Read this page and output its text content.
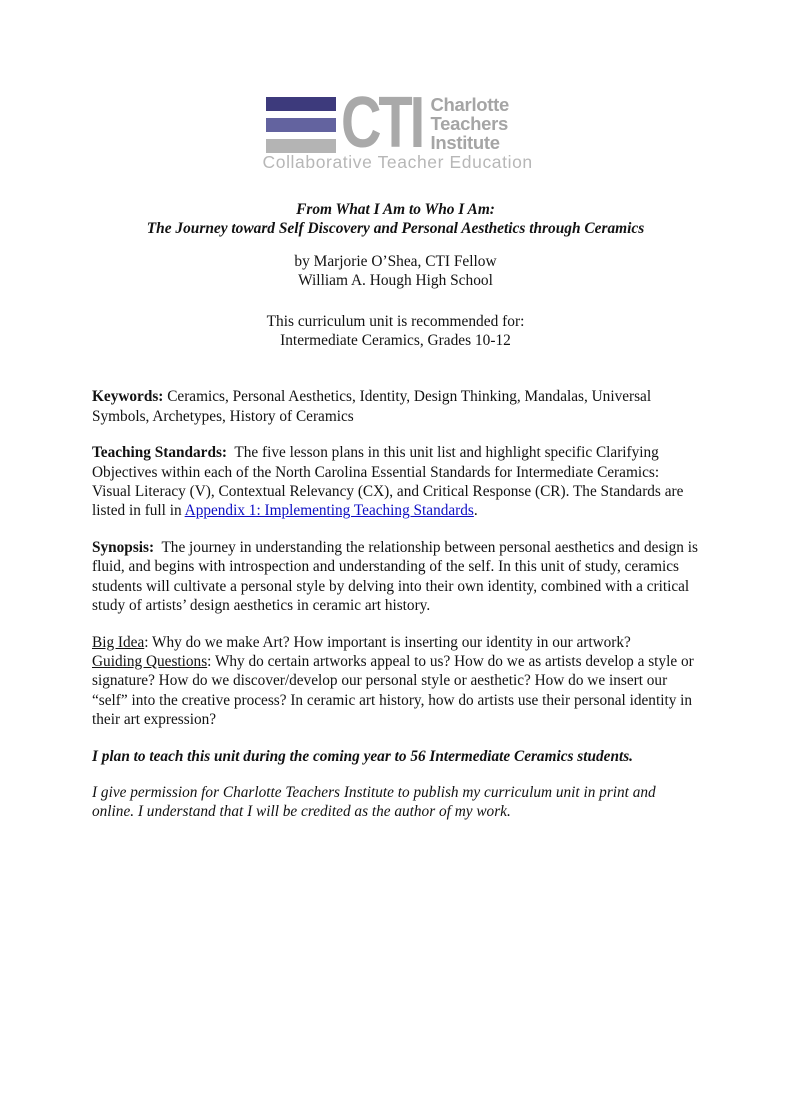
CTI Charlotte
Teachers
Institute
Collaborative Teacher Education
From What I Am to Who I Am:
The Journey toward Self Discovery and Personal Aesthetics through Ceramics
by Marjorie O’Shea, CTI Fellow
William A. Hough High School
This curriculum unit is recommended for:
Intermediate Ceramics, Grades 10-12

Keywords: Ceramics, Personal Aesthetics, Identity, Design Thinking, Mandalas, Universal Symbols, Archetypes, History of Ceramics

Teaching Standards:  The five lesson plans in this unit list and highlight specific Clarifying Objectives within each of the North Carolina Essential Standards for Intermediate Ceramics: Visual Literacy (V), Contextual Relevancy (CX), and Critical Response (CR). The Standards are listed in full in Appendix 1: Implementing Teaching Standards.

Synopsis:  The journey in understanding the relationship between personal aesthetics and design is fluid, and begins with introspection and understanding of the self. In this unit of study, ceramics students will cultivate a personal style by delving into their own identity, combined with a critical study of artists’ design aesthetics in ceramic art history.

Big Idea: Why do we make Art? How important is inserting our identity in our artwork?

Guiding Questions: Why do certain artworks appeal to us? How do we as artists develop a style or signature? How do we discover/develop our personal style or aesthetic? How do we insert our “self” into the creative process? In ceramic art history, how do artists use their personal identity in their art expression?

I plan to teach this unit during the coming year to 56 Intermediate Ceramics students.

I give permission for Charlotte Teachers Institute to publish my curriculum unit in print and online. I understand that I will be credited as the author of my work.
